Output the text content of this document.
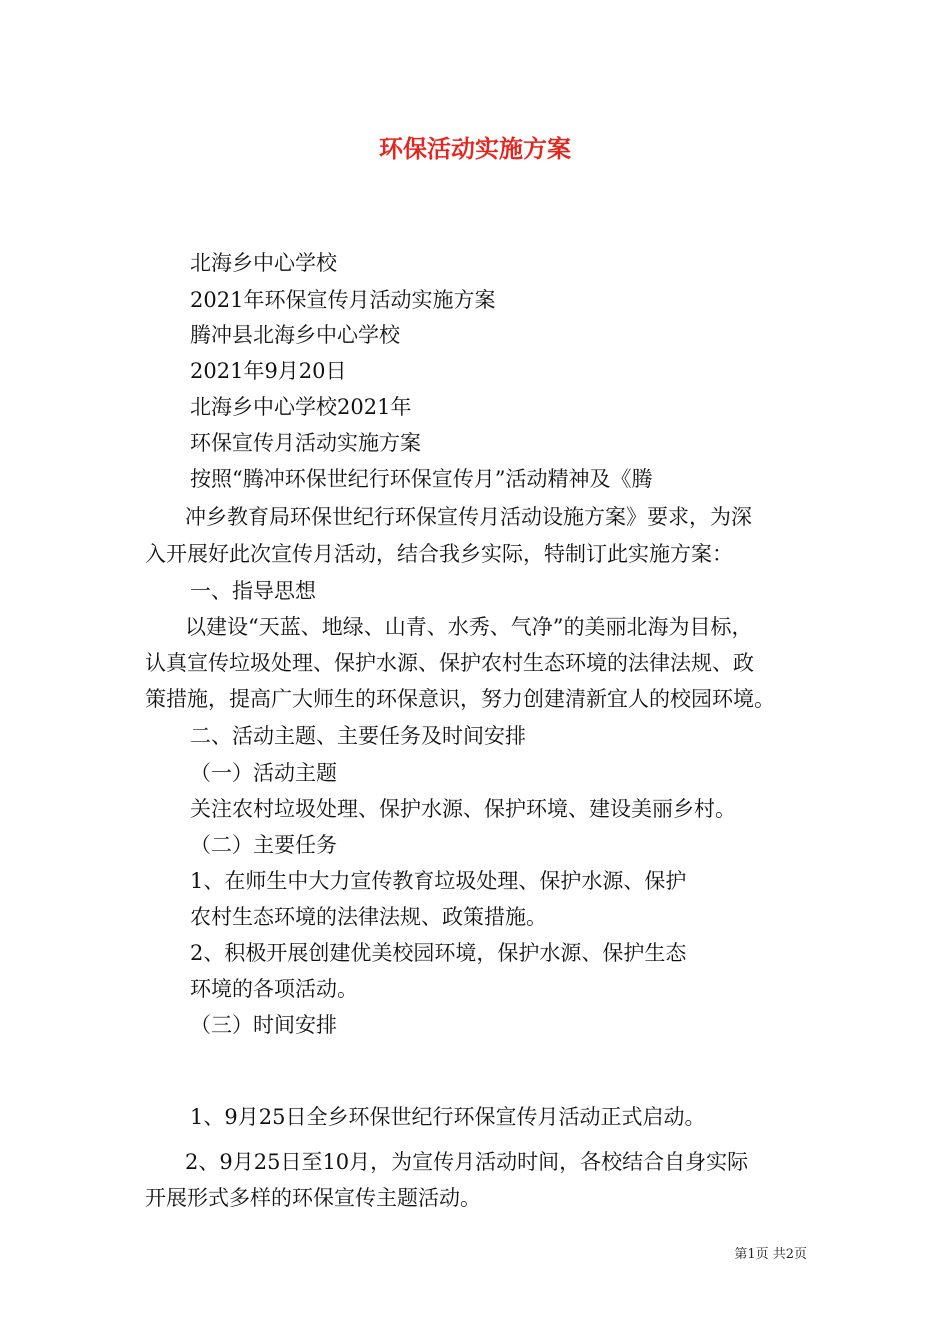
环保活动实施方案
北海乡中心学校
2021年环保宣传月活动实施方案
腾冲县北海乡中心学校
2021年9月20日
北海乡中心学校2021年
环保宣传月活动实施方案
按照“腾冲环保世纪行环保宣传月”活动精神及《腾
冲乡教育局环保世纪行环保宣传月活动设施方案》要求，为深
入开展好此次宣传月活动，结合我乡实际，特制订此实施方案：
一、指导思想
以建设“天蓝、地绿、山青、水秀、气净”的美丽北海为目标，
认真宣传垃圾处理、保护水源、保护农村生态环境的法律法规、政
策措施，提高广大师生的环保意识，努力创建清新宜人的校园环境。
二、活动主题、主要任务及时间安排
（一）活动主题
关注农村垃圾处理、保护水源、保护环境、建设美丽乡村。
（二）主要任务
1、在师生中大力宣传教育垃圾处理、保护水源、保护
农村生态环境的法律法规、政策措施。
2、积极开展创建优美校园环境，保护水源、保护生态
环境的各项活动。
（三）时间安排
1、9月25日全乡环保世纪行环保宣传月活动正式启动。
2、9月25日至10月，为宣传月活动时间，各校结合自身实际
开展形式多样的环保宣传主题活动。
第1页 共2页
